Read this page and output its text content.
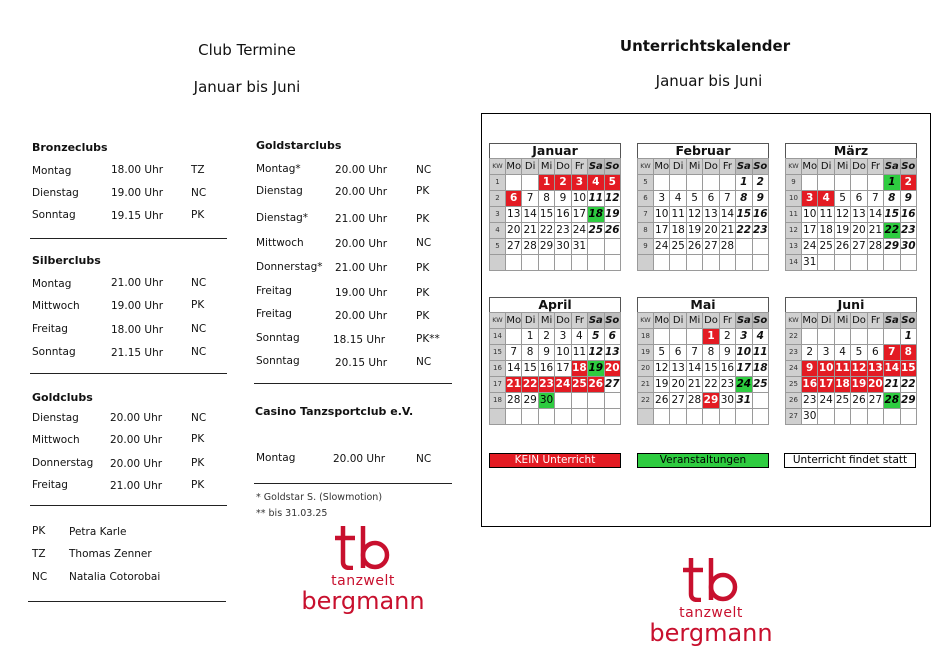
Club Termine
Januar bis Juni
Bronzeclubs
Montag	18.00 Uhr	TZ
Dienstag	19.00 Uhr	NC
Sonntag	19.15 Uhr	PK
Silberclubs
Montag	21.00 Uhr	NC
Mittwoch	19.00 Uhr	PK
Freitag	18.00 Uhr	NC
Sonntag	21.15 Uhr	NC
Goldclubs
Dienstag	20.00 Uhr	NC
Mittwoch	20.00 Uhr	PK
Donnerstag 20.00 Uhr	PK
Freitag	21.00 Uhr	PK
PK Petra Karle
TZ Thomas Zenner
NC Natalia Cotorobai
Goldstarclubs
Montag*	20.00 Uhr	NC
Dienstag	20.00 Uhr	PK
Dienstag*	21.00 Uhr	PK
Mittwoch	20.00 Uhr	NC
Donnerstag* 21.00 Uhr	PK
Freitag	19.00 Uhr	PK
Freitag	20.00 Uhr	PK
Sonntag	18.15 Uhr	PK**
Sonntag	20.15 Uhr	NC
Casino Tanzsportclub e.V.
Montag	20.00 Uhr	NC
* Goldstar S. (Slowmotion)
** bis 31.03.25
tanzwelt
bergmann
Unterrichtskalender
Januar bis Juni
Januar
KW	Mo	Di	Mi	Do	Fr	Sa	So
1			1	2	3	4	5
2	6	7	8	9	10	11	12
3	13	14	15	16	17	18	19
4	20	21	22	23	24	25	26
5	27	28	29	30	31		

Februar
KW	Mo	Di	Mi	Do	Fr	Sa	So
5						1	2
6	3	4	5	6	7	8	9
7	10	11	12	13	14	15	16
8	17	18	19	20	21	22	23
9	24	25	26	27	28		

März
KW	Mo	Di	Mi	Do	Fr	Sa	So
9						1	2
10	3	4	5	6	7	8	9
11	10	11	12	13	14	15	16
12	17	18	19	20	21	22	23
13	24	25	26	27	28	29	30
14	31						
April
KW	Mo	Di	Mi	Do	Fr	Sa	So
14		1	2	3	4	5	6
15	7	8	9	10	11	12	13
16	14	15	16	17	18	19	20
17	21	22	23	24	25	26	27
18	28	29	30				

Mai
KW	Mo	Di	Mi	Do	Fr	Sa	So
18				1	2	3	4
19	5	6	7	8	9	10	11
20	12	13	14	15	16	17	18
21	19	20	21	22	23	24	25
22	26	27	28	29	30	31	

Juni
KW	Mo	Di	Mi	Do	Fr	Sa	So
22							1
23	2	3	4	5	6	7	8
24	9	10	11	12	13	14	15
25	16	17	18	19	20	21	22
26	23	24	25	26	27	28	29
27	30						
KEIN Unterricht	Veranstaltungen	Unterricht findet statt
tanzwelt
bergmann
